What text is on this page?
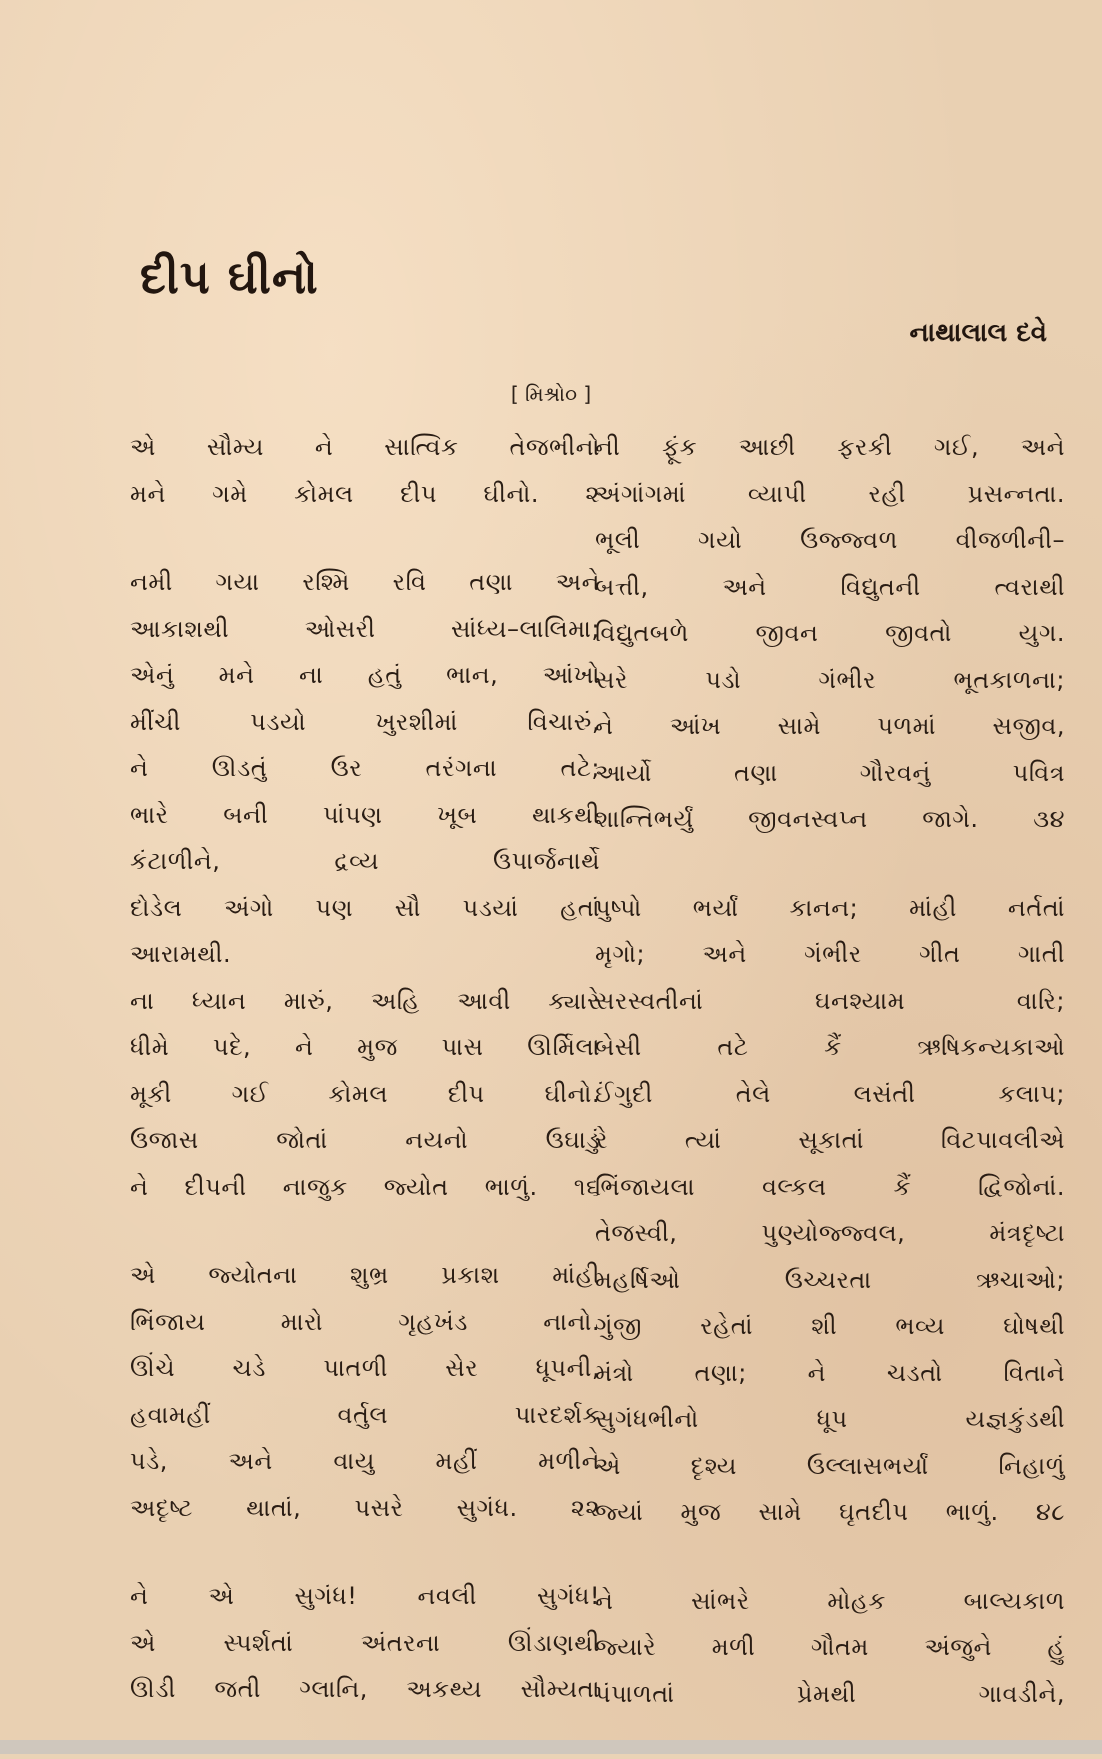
દીપ ઘીનો
નાથાલાલ દવે
[ મિશ્રો૦ ]
એ સૌમ્ય ને સાત્વિક તેજભીનો
મને ગમે કોમલ દીપ ઘીનો. ૨
નમી ગયા રશ્મિ રવિ તણા અને
આકાશથી ઓસરી સાંધ્ય–લાલિમા;
એનું મને ના હતું ભાન, આંખો
મીંચી પડયો ખુરશીમાં વિચારું,
ને ઊડતું ઉર તરંગના તટે;
ભારે બની પાંપણ ખૂબ થાકથી
કંટાળીને, દ્રવ્ય ઉપાર્જનાર્થે
દોડેલ અંગો પણ સૌ પડયાં હતાં
આરામથી.
ના ધ્યાન મારું, અહિ આવી ક્યારે
ધીમે પદે, ને મુજ પાસ ઊર્મિલા
મૂકી ગઈ કોમલ દીપ ઘીનો.
ઉજાસ જોતાં નયનો ઉઘાડું
ને દીપની નાજુક જ્યોત ભાળું. ૧૬
એ જ્યોતના શુભ્ર પ્રકાશ માંહી
ભિંજાય મારો ગૃહખંડ નાનો.
ઊંચે ચડે પાતળી સેર ધૂપની,
હવામહીં વર્તુલ પારદર્શક
પડે, અને વાયુ મહીં મળીને
અદૃષ્ટ થાતાં, પસરે સુગંધ. ૨૨
ને એ સુગંધ! નવલી સુગંધ!
એ સ્પર્શતાં અંતરના ઊંડાણથી
ઊડી જતી ગ્લાનિ, અકથ્ય સૌમ્યતા
ની ફૂંક આછી ફરકી ગઈ, અને
અંગાંગમાં વ્યાપી રહી પ્રસન્નતા.
ભૂલી ગયો ઉજ્જ્વળ વીજળીની–
બત્તી, અને વિદ્યુતની ત્વરાથી
વિદ્યુતબળે જીવન જીવતો યુગ.
સરે પડો ગંભીર ભૂતકાળના;
ને આંખ સામે પળમાં સજીવ,
આર્યો તણા ગૌરવનું પવિત્ર
શાન્તિભર્યું જીવનસ્વપ્ન જાગે. ૩૪
પુષ્પો ભર્યાં કાનન; માંહી નર્તતાં
મૃગો; અને ગંભીર ગીત ગાતી
સરસ્વતીનાં ઘનશ્યામ વારિ;
બેસી તટે કૈં ઋષિકન્યકાઓ
ઈંગુદી તેલે લસંતી કલાપ;
રે ત્યાં સૂકાતાં વિટપાવલીએ
ભિંજાયલા વલ્કલ કૈં દ્વિજોનાં.
તેજસ્વી, પુણ્યોજ્જ્વલ, મંત્રદૃષ્ટા
મહર્ષિઓ ઉચ્ચરતા ઋચાઓ;
ગુંજી રહેતાં શી ભવ્ય ઘોષથી
મંત્રો તણા; ને ચડતો વિતાને
સુગંધભીનો ધૂપ યજ્ઞકુંડથી
એ દૃશ્ય ઉલ્લાસભર્યાં નિહાળું
જ્યાં મુજ સામે ઘૃતદીપ ભાળું. ૪૮
ને સાંભરે મોહક બાલ્યકાળ
જ્યારે મળી ગૌતમ અંજુને હું
પંપાળતાં પ્રેમથી ગાવડીને,
